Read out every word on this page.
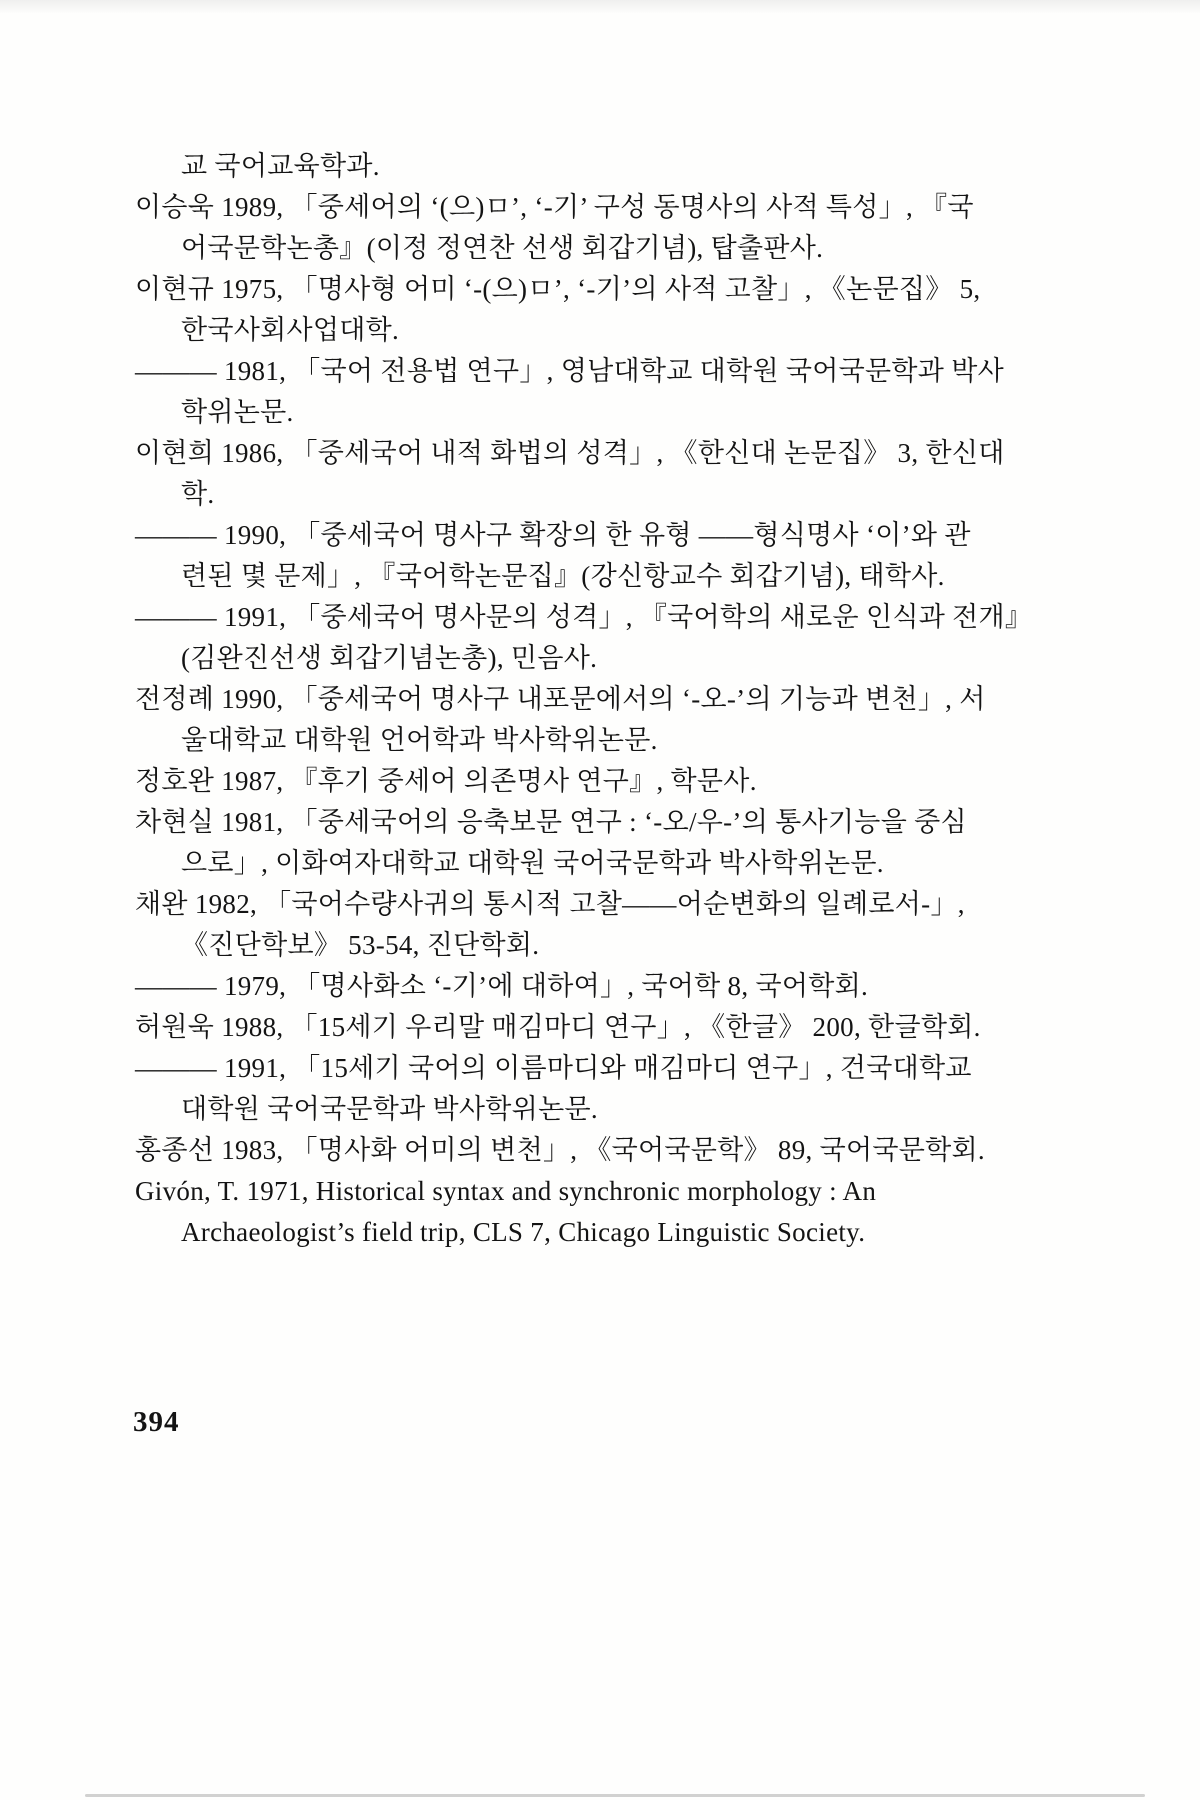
교 국어교육학과.
이승욱 1989, 「중세어의 ‘(으)ㅁ’, ‘-기’ 구성 동명사의 사적 특성」, 『국
어국문학논총』(이정 정연찬 선생 회갑기념), 탑출판사.
이현규 1975, 「명사형 어미 ‘-(으)ㅁ’, ‘-기’의 사적 고찰」, 《논문집》 5,
한국사회사업대학.
——— 1981, 「국어 전용법 연구」, 영남대학교 대학원 국어국문학과 박사
학위논문.
이현희 1986, 「중세국어 내적 화법의 성격」, 《한신대 논문집》 3, 한신대
학.
——— 1990, 「중세국어 명사구 확장의 한 유형 ——형식명사 ‘이’와 관
련된 몇 문제」, 『국어학논문집』(강신항교수 회갑기념), 태학사.
——— 1991, 「중세국어 명사문의 성격」, 『국어학의 새로운 인식과 전개』
(김완진선생 회갑기념논총), 민음사.
전정례 1990, 「중세국어 명사구 내포문에서의 ‘-오-’의 기능과 변천」, 서
울대학교 대학원 언어학과 박사학위논문.
정호완 1987, 『후기 중세어 의존명사 연구』, 학문사.
차현실 1981, 「중세국어의 응축보문 연구 : ‘-오/우-’의 통사기능을 중심
으로」, 이화여자대학교 대학원 국어국문학과 박사학위논문.
채완 1982, 「국어수량사귀의 통시적 고찰——어순변화의 일례로서-」,
《진단학보》 53-54, 진단학회.
——— 1979, 「명사화소 ‘-기’에 대하여」, 국어학 8, 국어학회.
허원욱 1988, 「15세기 우리말 매김마디 연구」, 《한글》 200, 한글학회.
——— 1991, 「15세기 국어의 이름마디와 매김마디 연구」, 건국대학교
대학원 국어국문학과 박사학위논문.
홍종선 1983, 「명사화 어미의 변천」, 《국어국문학》 89, 국어국문학회.
Givón, T. 1971, Historical syntax and synchronic morphology : An
Archaeologist’s field trip, CLS 7, Chicago Linguistic Society.
394
